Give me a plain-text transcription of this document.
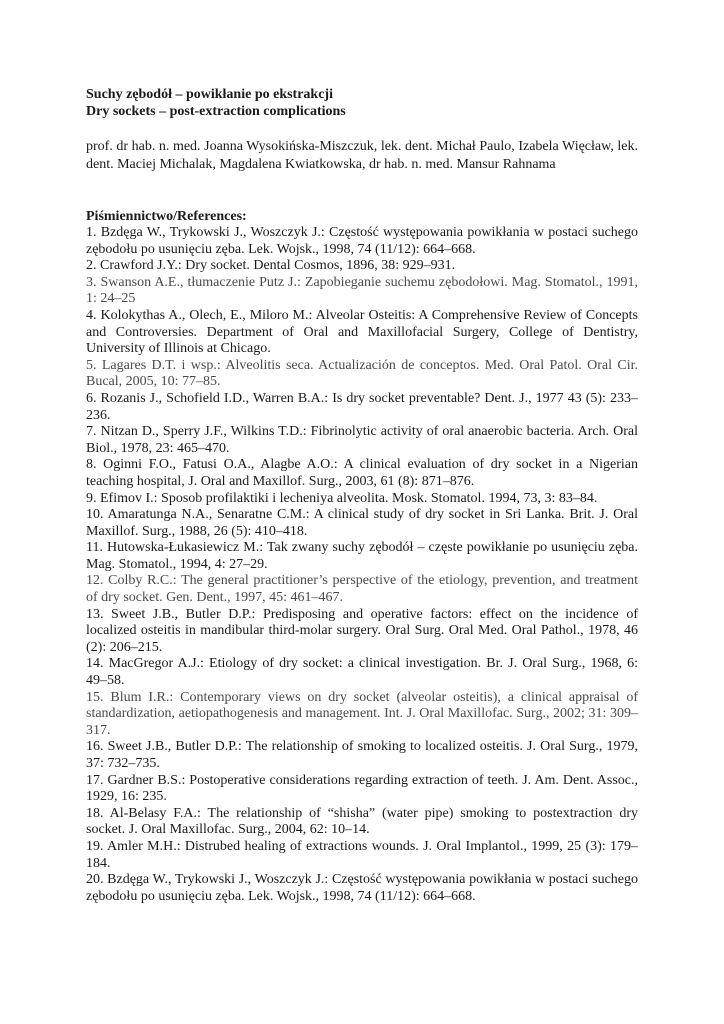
Suchy zębodół – powikłanie po ekstrakcji

Dry sockets – post-extraction complications

prof. dr hab. n. med. Joanna Wysokińska-Miszczuk, lek. dent. Michał Paulo, Izabela Więcław, lek. dent. Maciej Michalak, Magdalena Kwiatkowska, dr hab. n. med. Mansur Rahnama

Piśmiennictwo/References:
1. Bzdęga W., Trykowski J., Woszczyk J.: Częstość występowania powikłania w postaci suchego zębodołu po usunięciu zęba. Lek. Wojsk., 1998, 74 (11/12): 664–668.
2. Crawford J.Y.: Dry socket. Dental Cosmos, 1896, 38: 929–931.
3. Swanson A.E., tłumaczenie Putz J.: Zapobieganie suchemu zębodołowi. Mag. Stomatol., 1991, 1: 24–25
4. Kolokythas A., Olech, E., Miloro M.: Alveolar Osteitis: A Comprehensive Review of Concepts and Controversies. Department of Oral and Maxillofacial Surgery, College of Dentistry, University of Illinois at Chicago.
5. Lagares D.T. i wsp.: Alveolitis seca. Actualización de conceptos. Med. Oral Patol. Oral Cir. Bucal, 2005, 10: 77–85.
6. Rozanis J., Schofield I.D., Warren B.A.: Is dry socket preventable? Dent. J., 1977 43 (5): 233–236.
7. Nitzan D., Sperry J.F., Wilkins T.D.: Fibrinolytic activity of oral anaerobic bacteria. Arch. Oral Biol., 1978, 23: 465–470.
8. Oginni F.O., Fatusi O.A., Alagbe A.O.: A clinical evaluation of dry socket in a Nigerian teaching hospital, J. Oral and Maxillof. Surg., 2003, 61 (8): 871–876.
9. Efimov I.: Sposob profilaktiki i lecheniya alveolita. Mosk. Stomatol. 1994, 73, 3: 83–84.
10. Amaratunga N.A., Senaratne C.M.: A clinical study of dry socket in Sri Lanka. Brit. J. Oral Maxillof. Surg., 1988, 26 (5): 410–418.
11. Hutowska-Łukasiewicz M.: Tak zwany suchy zębodół – częste powikłanie po usunięciu zęba. Mag. Stomatol., 1994, 4: 27–29.
12. Colby R.C.: The general practitioner’s perspective of the etiology, prevention, and treatment of dry socket. Gen. Dent., 1997, 45: 461–467.
13. Sweet J.B., Butler D.P.: Predisposing and operative factors: effect on the incidence of localized osteitis in mandibular third-molar surgery. Oral Surg. Oral Med. Oral Pathol., 1978, 46 (2): 206–215.
14. MacGregor A.J.: Etiology of dry socket: a clinical investigation. Br. J. Oral Surg., 1968, 6: 49–58.
15. Blum I.R.: Contemporary views on dry socket (alveolar osteitis), a clinical appraisal of standardization, aetiopathogenesis and management. Int. J. Oral Maxillofac. Surg., 2002; 31: 309–317.
16. Sweet J.B., Butler D.P.: The relationship of smoking to localized osteitis. J. Oral Surg., 1979, 37: 732–735.
17. Gardner B.S.: Postoperative considerations regarding extraction of teeth. J. Am. Dent. Assoc., 1929, 16: 235.
18. Al-Belasy F.A.: The relationship of “shisha” (water pipe) smoking to postextraction dry socket. J. Oral Maxillofac. Surg., 2004, 62: 10–14.
19. Amler M.H.: Distrubed healing of extractions wounds. J. Oral Implantol., 1999, 25 (3): 179–184.
20. Bzdęga W., Trykowski J., Woszczyk J.: Częstość występowania powikłania w postaci suchego zębodołu po usunięciu zęba. Lek. Wojsk., 1998, 74 (11/12): 664–668.
